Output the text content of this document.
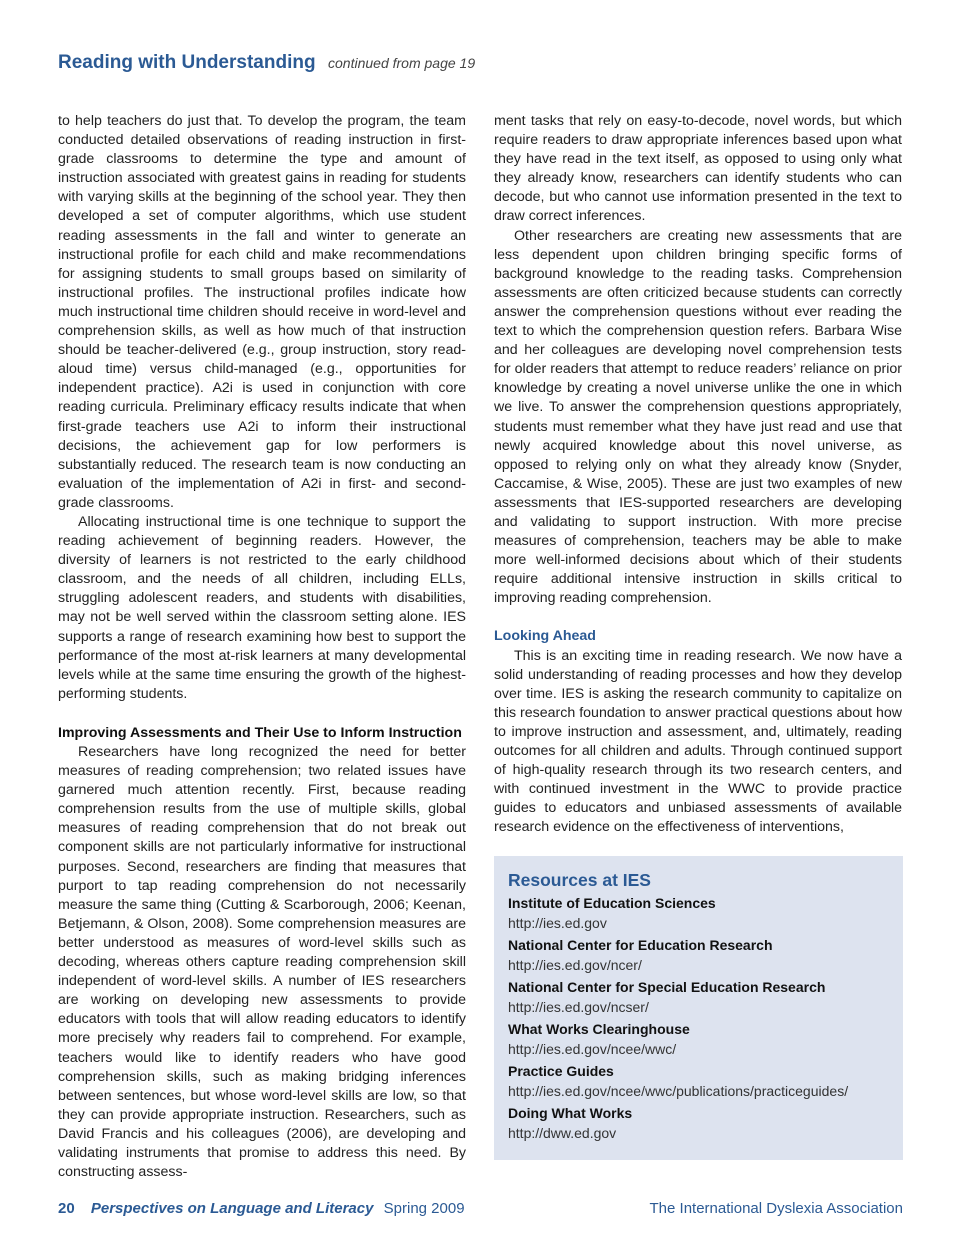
Reading with Understanding continued from page 19

to help teachers do just that. To develop the program, the team conducted detailed observations of reading instruction in first-grade classrooms to determine the type and amount of instruction associated with greatest gains in reading for students with varying skills at the beginning of the school year. They then developed a set of computer algorithms, which use student reading assessments in the fall and winter to generate an instructional profile for each child and make recommendations for assigning students to small groups based on similarity of instructional profiles. The instructional profiles indicate how much instructional time children should receive in word-level and comprehension skills, as well as how much of that instruction should be teacher-delivered (e.g., group instruction, story read-aloud time) versus child-managed (e.g., opportunities for independent practice). A2i is used in conjunction with core reading curricula. Preliminary efficacy results indicate that when first-grade teachers use A2i to inform their instructional decisions, the achievement gap for low performers is substantially reduced. The research team is now conducting an evaluation of the implementation of A2i in first- and second-grade classrooms.

Allocating instructional time is one technique to support the reading achievement of beginning readers. However, the diversity of learners is not restricted to the early childhood classroom, and the needs of all children, including ELLs, struggling adolescent readers, and students with disabilities, may not be well served within the classroom setting alone. IES supports a range of research examining how best to support the performance of the most at-risk learners at many developmental levels while at the same time ensuring the growth of the highest-performing students.

Improving Assessments and Their Use to Inform Instruction

Researchers have long recognized the need for better measures of reading comprehension; two related issues have garnered much attention recently. First, because reading comprehension results from the use of multiple skills, global measures of reading comprehension that do not break out component skills are not particularly informative for instructional purposes. Second, researchers are finding that measures that purport to tap reading comprehension do not necessarily measure the same thing (Cutting & Scarborough, 2006; Keenan, Betjemann, & Olson, 2008). Some comprehension measures are better understood as measures of word-level skills such as decoding, whereas others capture reading comprehension skill independent of word-level skills. A number of IES researchers are working on developing new assessments to provide educators with tools that will allow reading educators to identify more precisely why readers fail to comprehend. For example, teachers would like to identify readers who have good comprehension skills, such as making bridging inferences between sentences, but whose word-level skills are low, so that they can provide appropriate instruction. Researchers, such as David Francis and his colleagues (2006), are developing and validating instruments that promise to address this need. By constructing assess-

ment tasks that rely on easy-to-decode, novel words, but which require readers to draw appropriate inferences based upon what they have read in the text itself, as opposed to using only what they already know, researchers can identify students who can decode, but who cannot use information presented in the text to draw correct inferences.

Other researchers are creating new assessments that are less dependent upon children bringing specific forms of background knowledge to the reading tasks. Comprehension assessments are often criticized because students can correctly answer the comprehension questions without ever reading the text to which the comprehension question refers. Barbara Wise and her colleagues are developing novel comprehension tests for older readers that attempt to reduce readers’ reliance on prior knowledge by creating a novel universe unlike the one in which we live. To answer the comprehension questions appropriately, students must remember what they have just read and use that newly acquired knowledge about this novel universe, as opposed to relying only on what they already know (Snyder, Caccamise, & Wise, 2005). These are just two examples of new assessments that IES-supported researchers are developing and validating to support instruction. With more precise measures of comprehension, teachers may be able to make more well-informed decisions about which of their students require additional intensive instruction in skills critical to improving reading comprehension.

Looking Ahead

This is an exciting time in reading research. We now have a solid understanding of reading processes and how they develop over time. IES is asking the research community to capitalize on this research foundation to answer practical questions about how to improve instruction and assessment, and, ultimately, reading outcomes for all children and adults. Through continued support of high-quality research through its two research centers, and with continued investment in the WWC to provide practice guides to educators and unbiased assessments of available research evidence on the effectiveness of interventions,

Resources at IES
Institute of Education Sciences
http://ies.ed.gov
National Center for Education Research
http://ies.ed.gov/ncer/
National Center for Special Education Research
http://ies.ed.gov/ncser/
What Works Clearinghouse
http://ies.ed.gov/ncee/wwc/
Practice Guides
http://ies.ed.gov/ncee/wwc/publications/practiceguides/
Doing What Works
http://dww.ed.gov
20 Perspectives on Language and Literacy Spring 2009	The International Dyslexia Association
